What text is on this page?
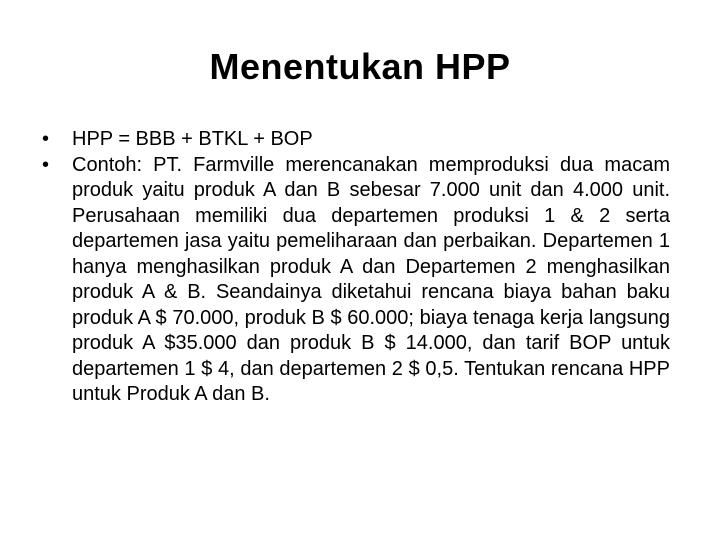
Menentukan HPP
• HPP = BBB + BTKL + BOP
• Contoh: PT. Farmville merencanakan memproduksi dua macam produk yaitu produk A dan B sebesar 7.000 unit dan 4.000 unit. Perusahaan memiliki dua departemen produksi 1 & 2 serta departemen jasa yaitu pemeliharaan dan perbaikan. Departemen 1 hanya menghasilkan produk A dan Departemen 2 menghasilkan produk A & B. Seandainya diketahui rencana biaya bahan baku produk A $ 70.000, produk B $ 60.000; biaya tenaga kerja langsung produk A $35.000 dan produk B $ 14.000, dan tarif BOP untuk departemen 1 $ 4, dan departemen 2 $ 0,5. Tentukan rencana HPP untuk Produk A dan B.
